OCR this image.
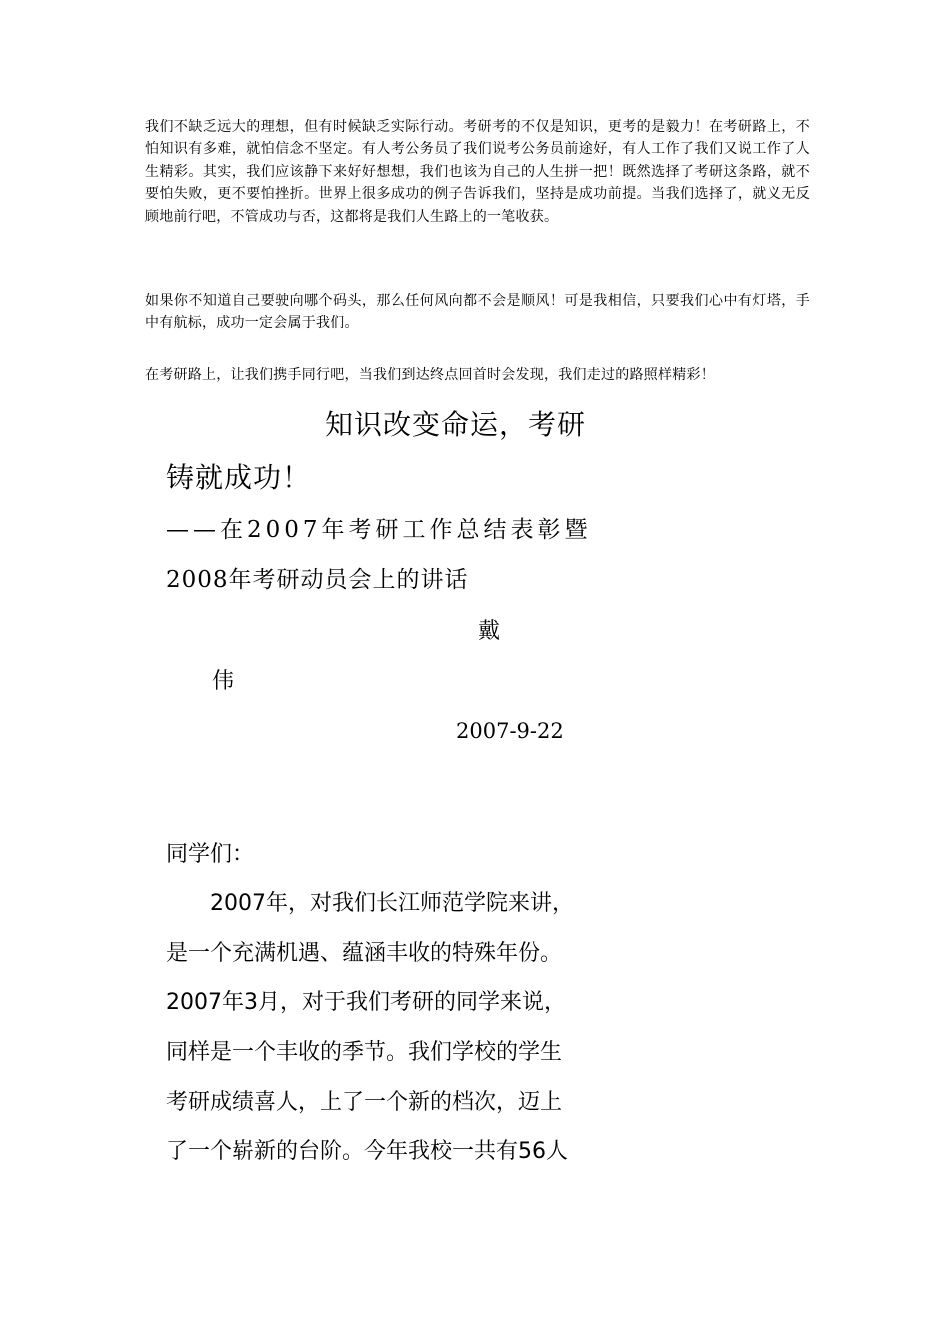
我们不缺乏远大的理想，但有时候缺乏实际行动。考研考的不仅是知识，更考的是毅力！在考研路上，不怕知识有多难，就怕信念不坚定。有人考公务员了我们说考公务员前途好，有人工作了我们又说工作了人生精彩。其实，我们应该静下来好好想想，我们也该为自己的人生拼一把！既然选择了考研这条路，就不要怕失败，更不要怕挫折。世界上很多成功的例子告诉我们，坚持是成功前提。当我们选择了，就义无反顾地前行吧，不管成功与否，这都将是我们人生路上的一笔收获。

如果你不知道自己要驶向哪个码头，那么任何风向都不会是顺风！可是我相信，只要我们心中有灯塔，手中有航标，成功一定会属于我们。

在考研路上，让我们携手同行吧，当我们到达终点回首时会发现，我们走过的路照样精彩！

知识改变命运，考研
铸就成功！

——在2007年考研工作总结表彰暨

2008年考研动员会上的讲话

戴

伟

2007-9-22

同学们：

　　2007年，对我们长江师范学院来讲，

是一个充满机遇、蕴涵丰收的特殊年份。

2007年3月，对于我们考研的同学来说，

同样是一个丰收的季节。我们学校的学生

考研成绩喜人，上了一个新的档次，迈上

了一个崭新的台阶。今年我校一共有56人
